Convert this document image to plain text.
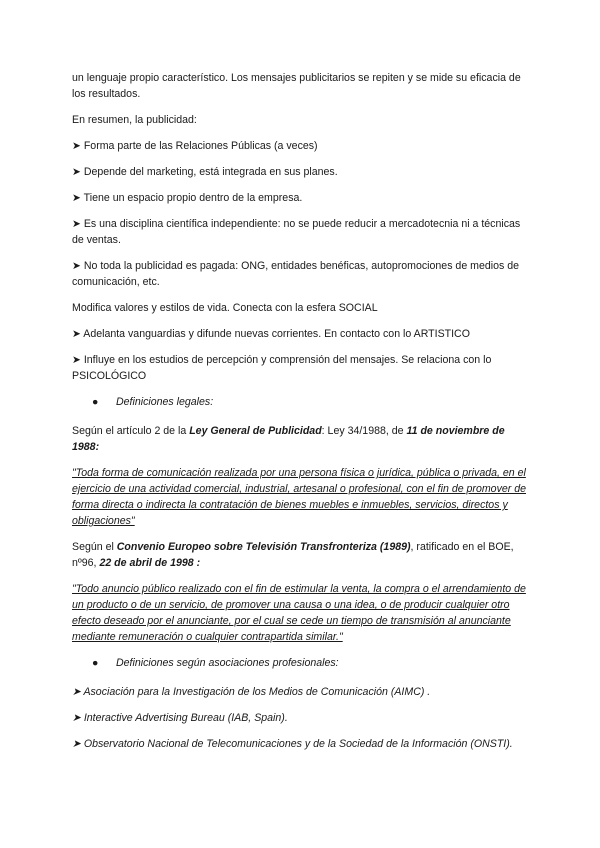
un lenguaje propio característico. Los mensajes publicitarios se repiten y se mide su eficacia de los resultados.

En resumen, la publicidad:

➤ Forma parte de las Relaciones Públicas (a veces)

➤ Depende del marketing, está integrada en sus planes.

➤ Tiene un espacio propio dentro de la empresa.

➤ Es una disciplina científica independiente: no se puede reducir a mercadotecnia ni a técnicas de ventas.

➤ No toda la publicidad es pagada: ONG, entidades benéficas, autopromociones de medios de comunicación, etc.

Modifica valores y estilos de vida. Conecta con la esfera SOCIAL

➤ Adelanta vanguardias y difunde nuevas corrientes. En contacto con lo ARTISTICO

➤ Influye en los estudios de percepción y comprensión del mensajes. Se relaciona con lo PSICOLÓGICO

● Definiciones legales:

Según el artículo 2 de la Ley General de Publicidad: Ley 34/1988, de 11 de noviembre de 1988:

"Toda forma de comunicación realizada por una persona física o jurídica, pública o privada, en el ejercicio de una actividad comercial, industrial, artesanal o profesional, con el fin de promover de forma directa o indirecta la contratación de bienes muebles e inmuebles, servicios, directos y obligaciones"

Según el Convenio Europeo sobre Televisión Transfronteriza (1989), ratificado en el BOE, nº96, 22 de abril de 1998 :

"Todo anuncio público realizado con el fin de estimular la venta, la compra o el arrendamiento de un producto o de un servicio, de promover una causa o una idea, o de producir cualquier otro efecto deseado por el anunciante, por el cual se cede un tiempo de transmisión al anunciante mediante remuneración o cualquier contrapartida similar."

● Definiciones según asociaciones profesionales:

➤ Asociación para la Investigación de los Medios de Comunicación (AIMC) .

➤ Interactive Advertising Bureau (IAB, Spain).

➤ Observatorio Nacional de Telecomunicaciones y de la Sociedad de la Información (ONSTI).
